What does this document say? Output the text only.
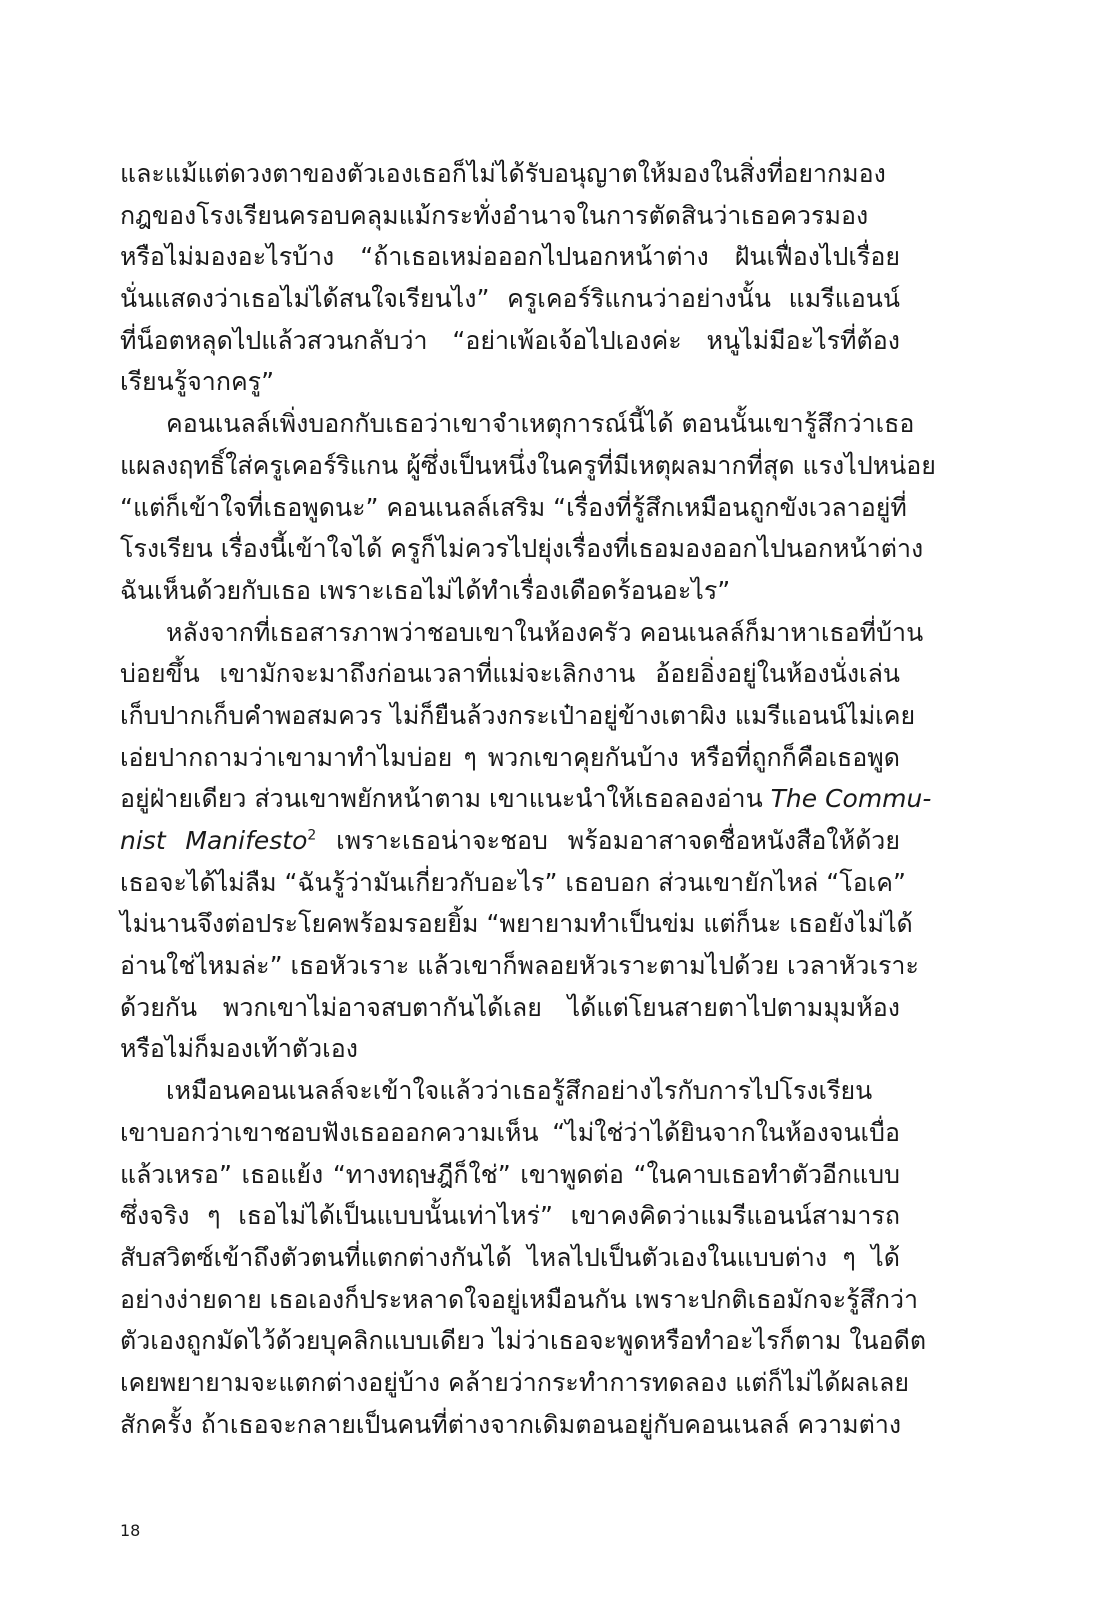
และแม้แต่ดวงตาของตัวเองเธอก็ไม่ได้รับอนุญาตให้มองในสิ่งที่อยากมอง
กฎของโรงเรียนครอบคลุมแม้กระทั่งอำนาจในการตัดสินว่าเธอควรมอง
หรือไม่มองอะไรบ้าง “ถ้าเธอเหม่อออกไปนอกหน้าต่าง ฝันเฟื่องไปเรื่อย
นั่นแสดงว่าเธอไม่ได้สนใจเรียนไง” ครูเคอร์ริแกนว่าอย่างนั้น แมรีแอนน์
ที่น็อตหลุดไปแล้วสวนกลับว่า “อย่าเพ้อเจ้อไปเองค่ะ หนูไม่มีอะไรที่ต้อง
เรียนรู้จากครู”
คอนเนลล์เพิ่งบอกกับเธอว่าเขาจำเหตุการณ์นี้ได้ ตอนนั้นเขารู้สึกว่าเธอ
แผลงฤทธิ์ใส่ครูเคอร์ริแกน ผู้ซึ่งเป็นหนึ่งในครูที่มีเหตุผลมากที่สุด แรงไปหน่อย
“แต่ก็เข้าใจที่เธอพูดนะ” คอนเนลล์เสริม “เรื่องที่รู้สึกเหมือนถูกขังเวลาอยู่ที่
โรงเรียน เรื่องนี้เข้าใจได้ ครูก็ไม่ควรไปยุ่งเรื่องที่เธอมองออกไปนอกหน้าต่าง
ฉันเห็นด้วยกับเธอ เพราะเธอไม่ได้ทำเรื่องเดือดร้อนอะไร”
หลังจากที่เธอสารภาพว่าชอบเขาในห้องครัว คอนเนลล์ก็มาหาเธอที่บ้าน
บ่อยขึ้น เขามักจะมาถึงก่อนเวลาที่แม่จะเลิกงาน อ้อยอิ่งอยู่ในห้องนั่งเล่น
เก็บปากเก็บคำพอสมควร ไม่ก็ยืนล้วงกระเป๋าอยู่ข้างเตาผิง แมรีแอนน์ไม่เคย
เอ่ยปากถามว่าเขามาทำไมบ่อย ๆ พวกเขาคุยกันบ้าง หรือที่ถูกก็คือเธอพูด
อยู่ฝ่ายเดียว ส่วนเขาพยักหน้าตาม เขาแนะนำให้เธอลองอ่าน The Commu-
nist Manifesto$^2$ เพราะเธอน่าจะชอบ พร้อมอาสาจดชื่อหนังสือให้ด้วย
เธอจะได้ไม่ลืม “ฉันรู้ว่ามันเกี่ยวกับอะไร” เธอบอก ส่วนเขายักไหล่ “โอเค”
ไม่นานจึงต่อประโยคพร้อมรอยยิ้ม “พยายามทำเป็นข่ม แต่ก็นะ เธอยังไม่ได้
อ่านใช่ไหมล่ะ” เธอหัวเราะ แล้วเขาก็พลอยหัวเราะตามไปด้วย เวลาหัวเราะ
ด้วยกัน พวกเขาไม่อาจสบตากันได้เลย ได้แต่โยนสายตาไปตามมุมห้อง
หรือไม่ก็มองเท้าตัวเอง
เหมือนคอนเนลล์จะเข้าใจแล้วว่าเธอรู้สึกอย่างไรกับการไปโรงเรียน
เขาบอกว่าเขาชอบฟังเธอออกความเห็น “ไม่ใช่ว่าได้ยินจากในห้องจนเบื่อ
แล้วเหรอ” เธอแย้ง “ทางทฤษฎีก็ใช่” เขาพูดต่อ “ในคาบเธอทำตัวอีกแบบ
ซึ่งจริง ๆ เธอไม่ได้เป็นแบบนั้นเท่าไหร่” เขาคงคิดว่าแมรีแอนน์สามารถ
สับสวิตซ์เข้าถึงตัวตนที่แตกต่างกันได้ ไหลไปเป็นตัวเองในแบบต่าง ๆ ได้
อย่างง่ายดาย เธอเองก็ประหลาดใจอยู่เหมือนกัน เพราะปกติเธอมักจะรู้สึกว่า
ตัวเองถูกมัดไว้ด้วยบุคลิกแบบเดียว ไม่ว่าเธอจะพูดหรือทำอะไรก็ตาม ในอดีต
เคยพยายามจะแตกต่างอยู่บ้าง คล้ายว่ากระทำการทดลอง แต่ก็ไม่ได้ผลเลย
สักครั้ง ถ้าเธอจะกลายเป็นคนที่ต่างจากเดิมตอนอยู่กับคอนเนลล์ ความต่าง
18
